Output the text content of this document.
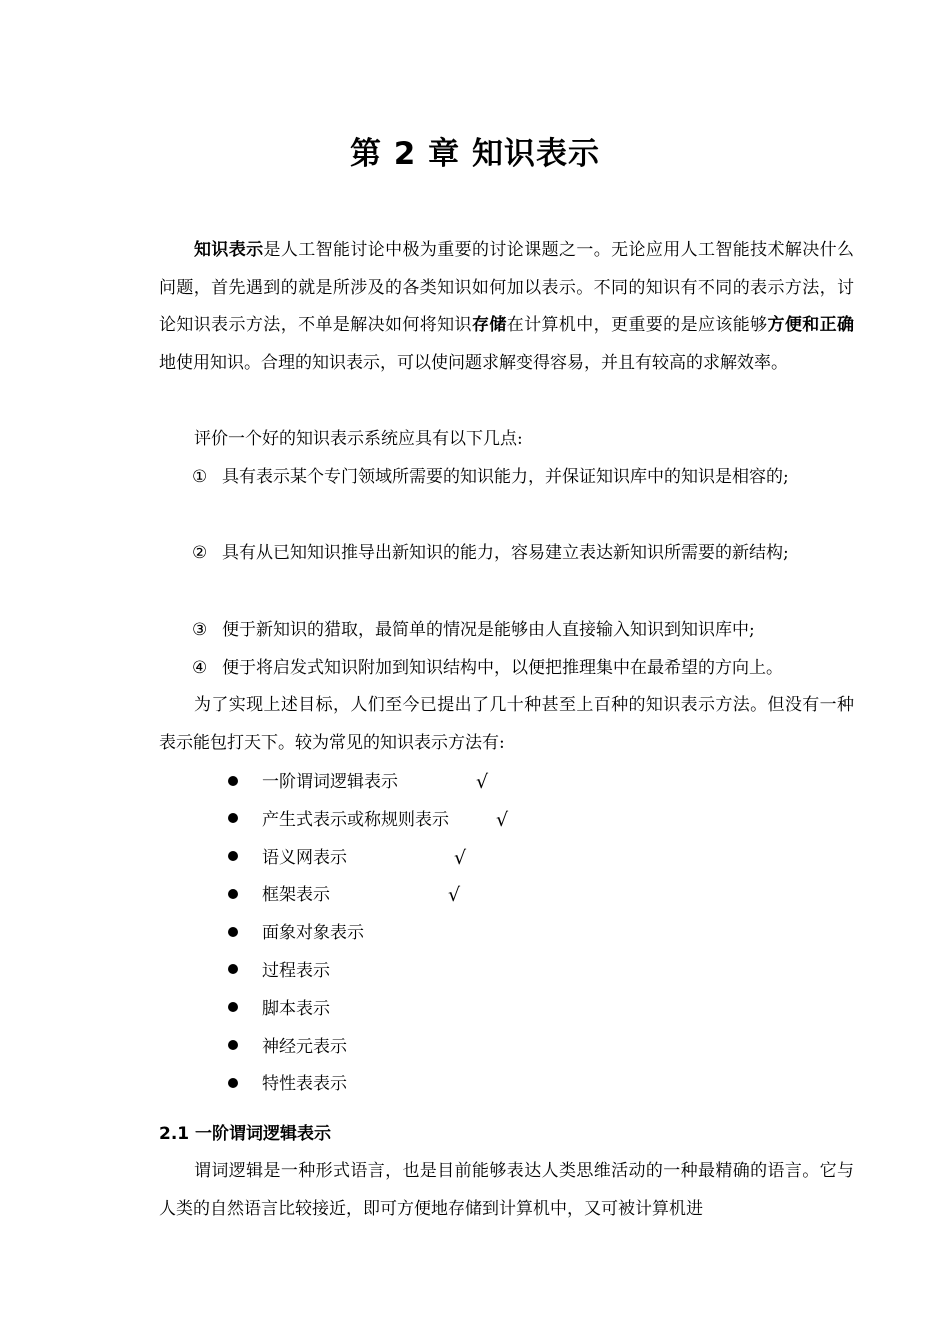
第 2 章 知识表示

知识表示是人工智能讨论中极为重要的讨论课题之一。无论应用人工智能技术解决什么问题，首先遇到的就是所涉及的各类知识如何加以表示。不同的知识有不同的表示方法，讨论知识表示方法，不单是解决如何将知识存储在计算机中，更重要的是应该能够方便和正确地使用知识。合理的知识表示，可以使问题求解变得容易，并且有较高的求解效率。

评价一个好的知识表示系统应具有以下几点:

① 具有表示某个专门领域所需要的知识能力，并保证知识库中的知识是相容的;
② 具有从已知知识推导出新知识的能力，容易建立表达新知识所需要的新结构;
③ 便于新知识的猎取，最简单的情况是能够由人直接输入知识到知识库中;
④ 便于将启发式知识附加到知识结构中，以便把推理集中在最希望的方向上。

为了实现上述目标，人们至今已提出了几十种甚至上百种的知识表示方法。但没有一种表示能包打天下。较为常见的知识表示方法有:

一阶谓词逻辑表示	√
产生式表示或称规则表示 √
语义网表示	√
框架表示	√
面象对象表示
过程表示
脚本表示
神经元表示
特性表表示
2.1 一阶谓词逻辑表示

谓词逻辑是一种形式语言，也是目前能够表达人类思维活动的一种最精确的语言。它与人类的自然语言比较接近，即可方便地存储到计算机中，又可被计算机进
